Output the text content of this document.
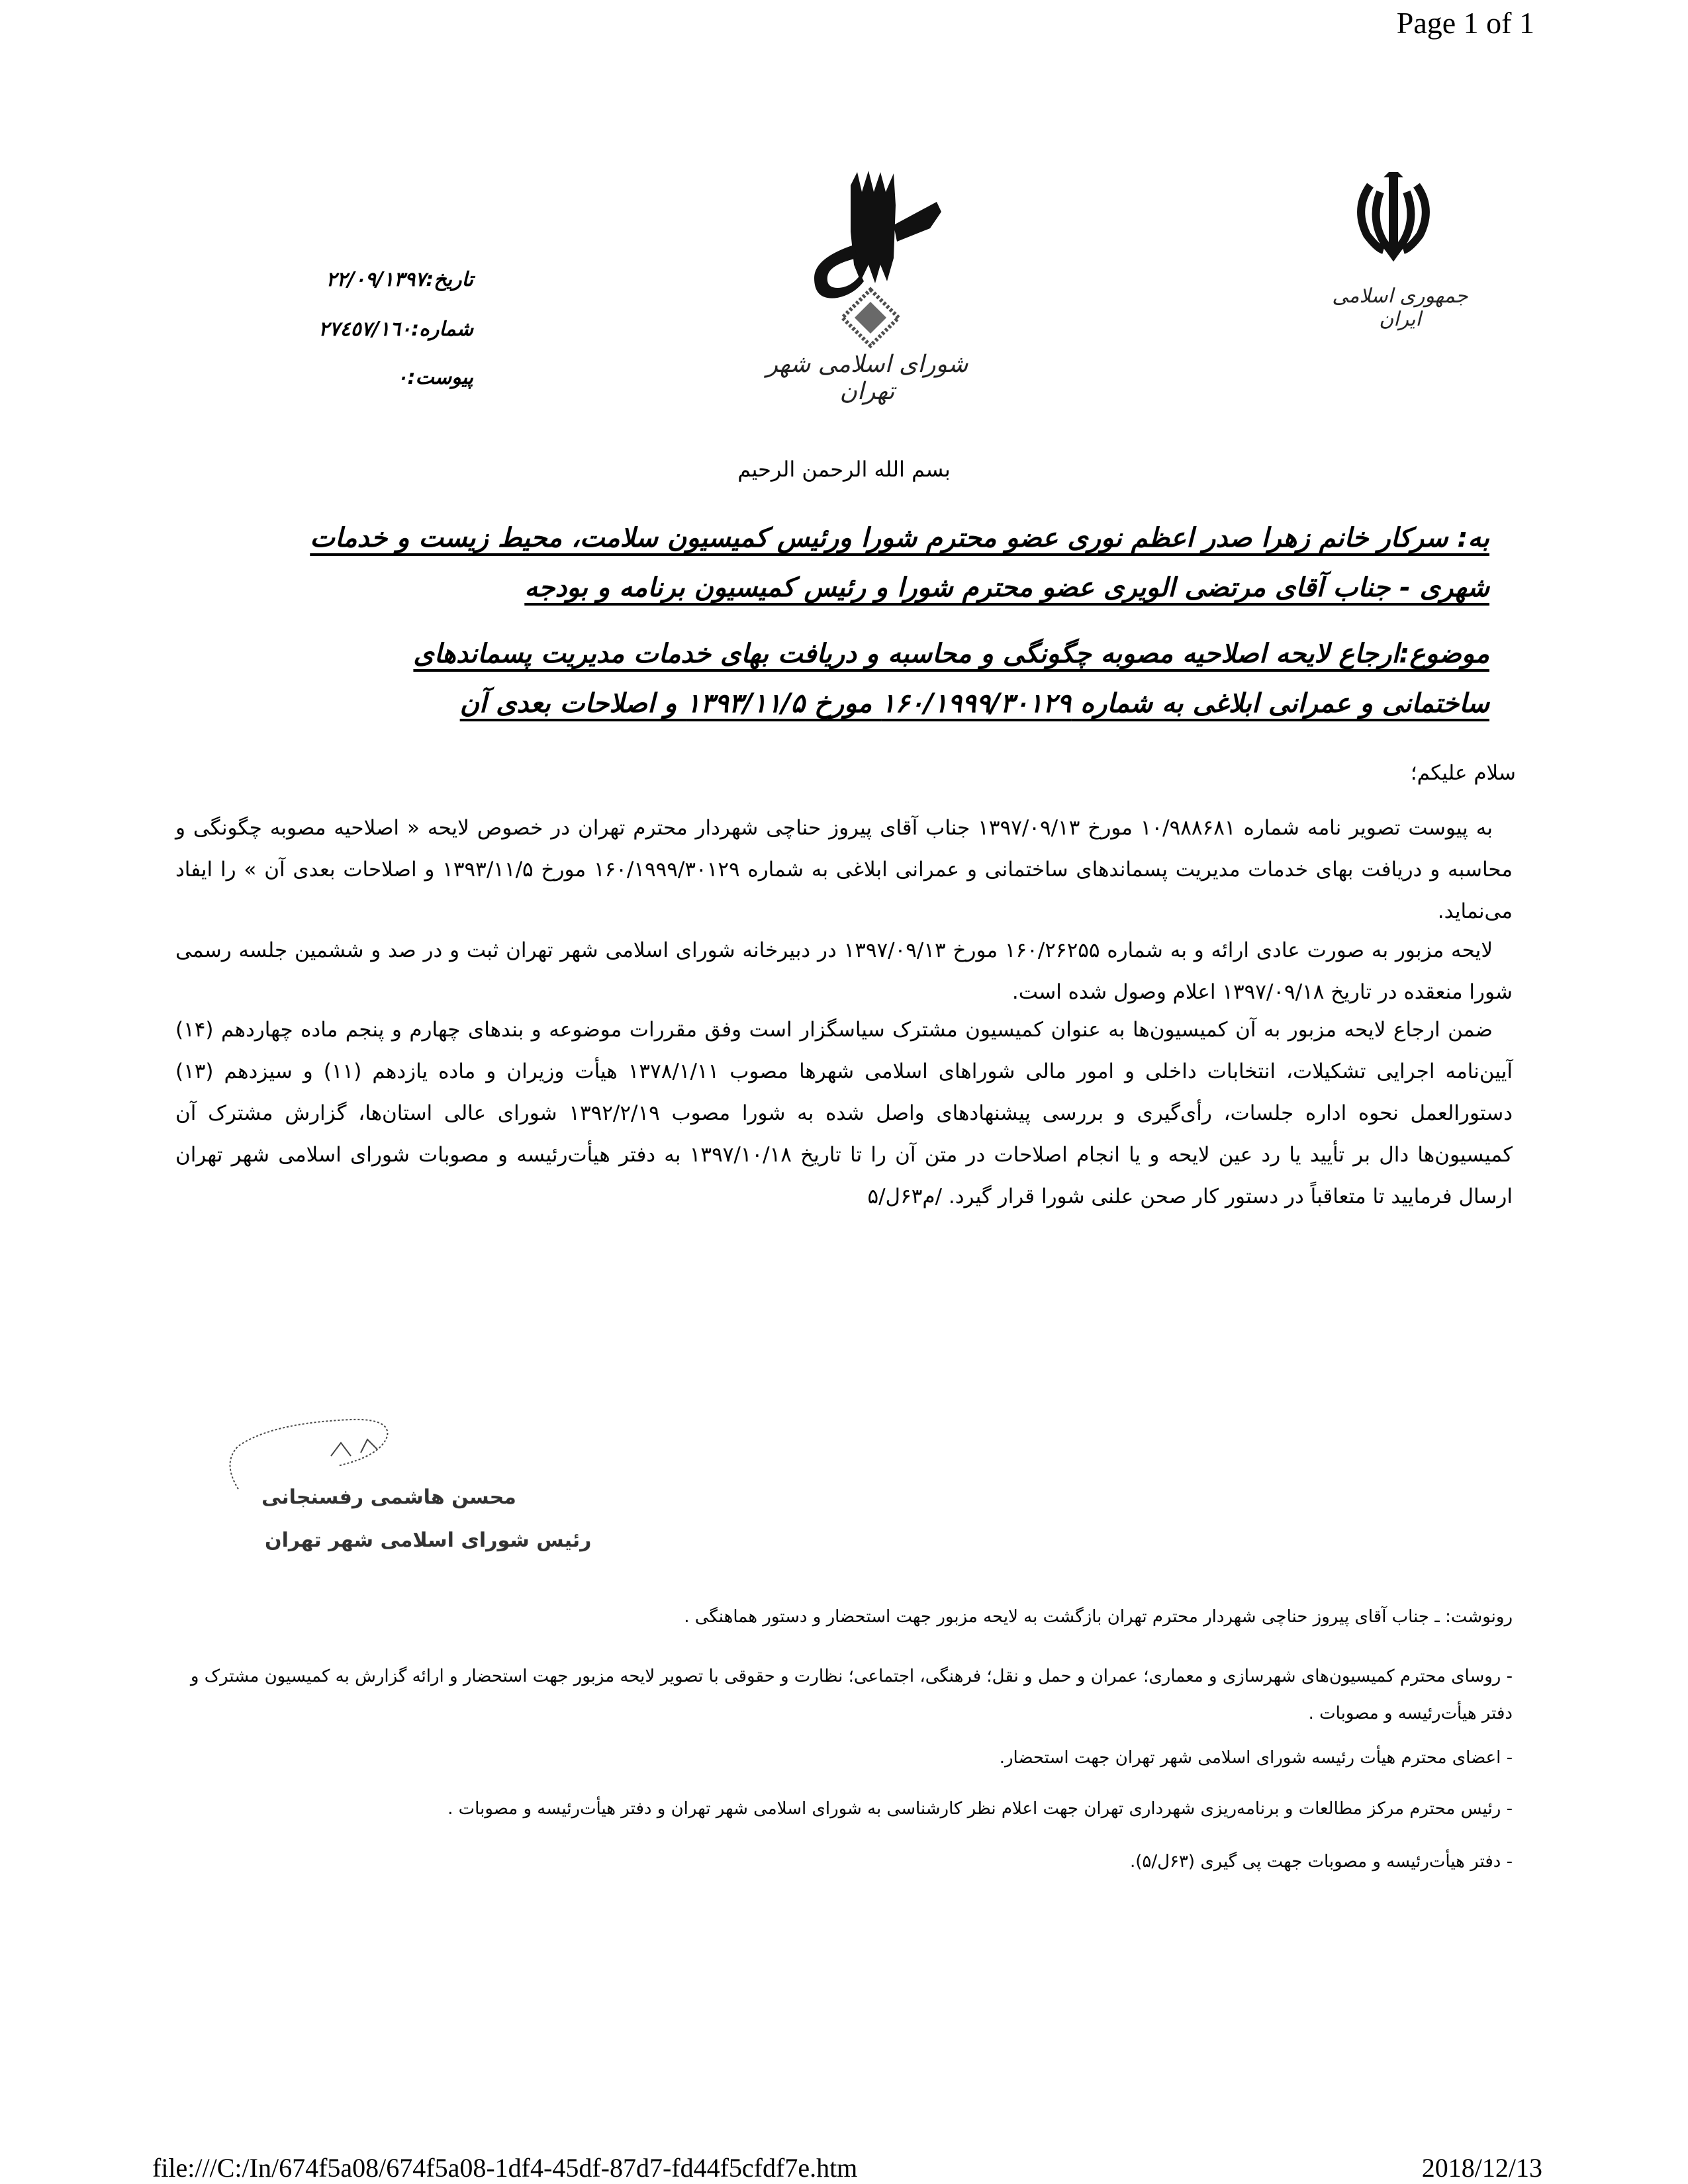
Page 1 of 1
تاریخ:۲۲/۰۹/۱۳۹۷
شماره:۲۷٤٥۷/۱٦۰
پیوست:۰	شورای اسلامی شهر تهران
جمهوری اسلامی ایران
بسم الله الرحمن الرحیم
به: سرکار خانم زهرا صدر اعظم نوری عضو محترم شورا ورئیس کمیسیون سلامت، محیط زیست و خدمات
شهری - جناب آقای مرتضی الویری عضو محترم شورا و رئیس کمیسیون برنامه و بودجه
موضوع:ارجاع لایحه اصلاحیه مصوبه چگونگی و محاسبه و دریافت بهای خدمات مدیریت پسماندهای
ساختمانی و عمرانی ابلاغی به شماره ۱۶۰/۱۹۹۹/۳۰۱۲۹ مورخ ۱۳۹۳/۱۱/۵ و اصلاحات بعدی آن
سلام علیکم؛
به پیوست تصویر نامه شماره ۱۰/۹۸۸۶۸۱ مورخ ۱۳۹۷/۰۹/۱۳ جناب آقای پیروز حناچی شهردار محترم تهران در خصوص لایحه « اصلاحیه مصوبه چگونگی و محاسبه و دریافت بهای خدمات مدیریت پسماندهای ساختمانی و عمرانی ابلاغی به شماره ۱۶۰/۱۹۹۹/۳۰۱۲۹ مورخ ۱۳۹۳/۱۱/۵ و اصلاحات بعدی آن » را ایفاد می‌نماید.
لایحه مزبور به صورت عادی ارائه و به شماره ۱۶۰/۲۶۲۵۵ مورخ ۱۳۹۷/۰۹/۱۳ در دبیرخانه شورای اسلامی شهر تهران ثبت و در صد و ششمین جلسه رسمی شورا منعقده در تاریخ ۱۳۹۷/۰۹/۱۸ اعلام وصول شده است.
ضمن ارجاع لایحه مزبور به آن کمیسیون‌ها به عنوان کمیسیون مشترک سیاسگزار است وفق مقررات موضوعه و بندهای چهارم و پنجم ماده چهاردهم (۱۴) آیین‌نامه اجرایی تشکیلات، انتخابات داخلی و امور مالی شوراهای اسلامی شهرها مصوب ۱۳۷۸/۱/۱۱ هیأت وزیران و ماده یازدهم (۱۱) و سیزدهم (۱۳) دستورالعمل نحوه اداره جلسات، رأی‌گیری و بررسی پیشنهادهای واصل شده به شورا مصوب ۱۳۹۲/۲/۱۹ شورای عالی استان‌ها، گزارش مشترک آن کمیسیون‌ها دال بر تأیید یا رد عین لایحه و یا انجام اصلاحات در متن آن را تا تاریخ ۱۳۹۷/۱۰/۱۸ به دفتر هیأت‌رئیسه و مصوبات شورای اسلامی شهر تهران ارسال فرمایید تا متعاقباً در دستور کار صحن علنی شورا قرار گیرد. /م۶۳ل/۵
محسن هاشمی رفسنجانی
رئیس شورای اسلامی شهر تهران
رونوشت: ـ جناب آقای پیروز حناچی شهردار محترم تهران بازگشت به لایحه مزبور جهت استحضار و دستور هماهنگی .
- روسای محترم کمیسیون‌های شهرسازی و معماری؛ عمران و حمل و نقل؛ فرهنگی، اجتماعی؛ نظارت و حقوقی با تصویر لایحه مزبور جهت استحضار و ارائه گزارش به کمیسیون مشترک و دفتر هیأت‌رئیسه و مصوبات .
- اعضای محترم هیأت رئیسه شورای اسلامی شهر تهران جهت استحضار.
- رئیس محترم مرکز مطالعات و برنامه‌ریزی شهرداری تهران جهت اعلام نظر کارشناسی به شورای اسلامی شهر تهران و دفتر هیأت‌رئیسه و مصوبات .
- دفتر هیأت‌رئیسه و مصوبات جهت پی گیری (۶۳ل/۵).
file:///C:/In/674f5a08/674f5a08-1df4-45df-87d7-fd44f5cfdf7e.htm	2018/12/13
